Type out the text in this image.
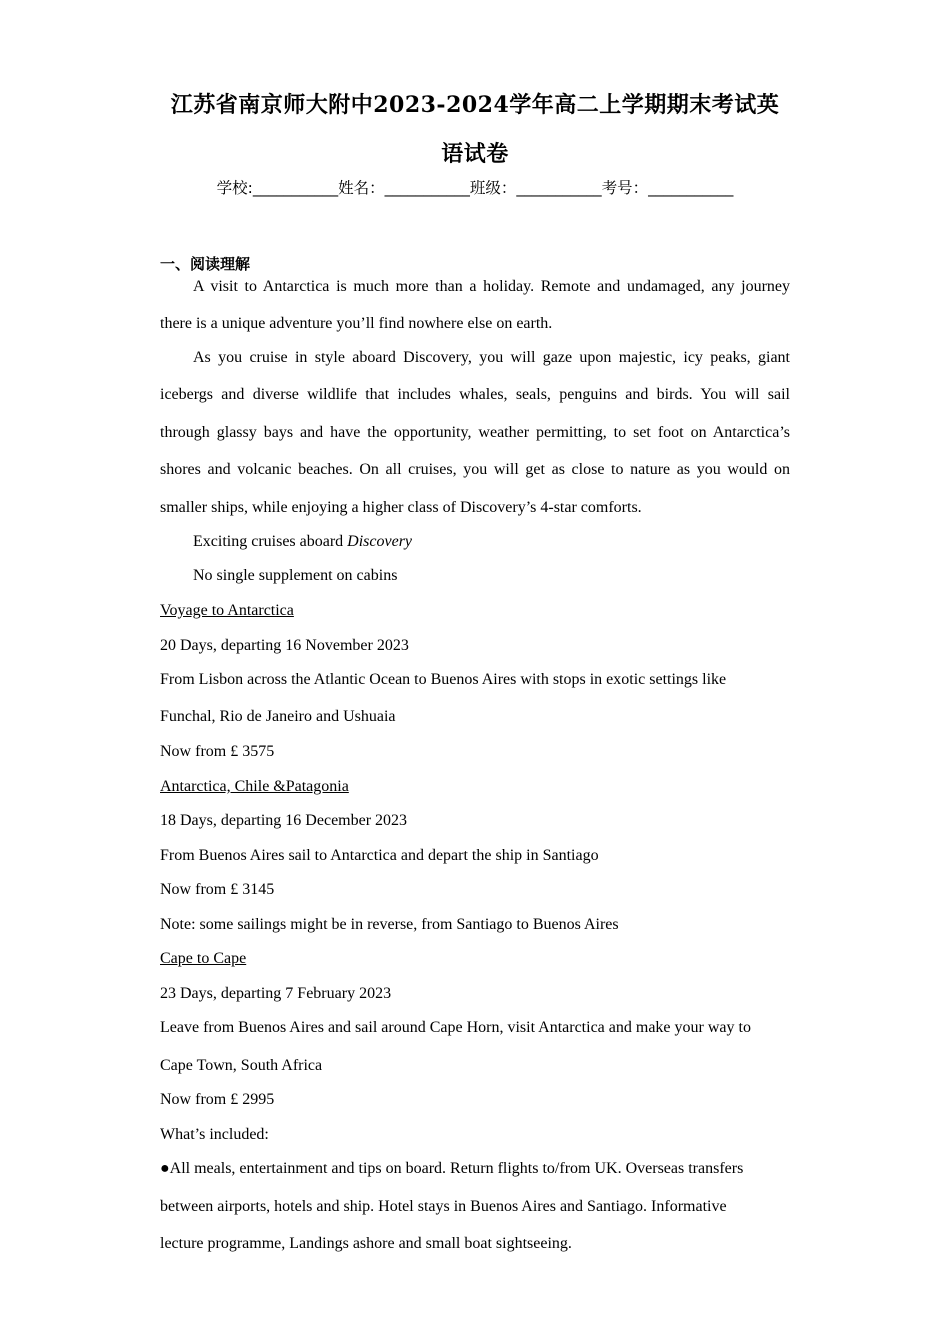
江苏省南京师大附中2023-2024学年高二上学期期末考试英
语试卷
学校:___________姓名：___________班级：___________考号：___________
一、阅读理解
A visit to Antarctica is much more than a holiday. Remote and undamaged, any journey
there is a unique adventure you’ll find nowhere else on earth.
As you cruise in style aboard Discovery, you will gaze upon majestic, icy peaks, giant
icebergs and diverse wildlife that includes whales, seals, penguins and birds. You will sail
through glassy bays and have the opportunity, weather permitting, to set foot on Antarctica’s
shores and volcanic beaches. On all cruises, you will get as close to nature as you would on
smaller ships, while enjoying a higher class of Discovery’s 4-star comforts.
Exciting cruises aboard Discovery
No single supplement on cabins
Voyage to Antarctica
20 Days, departing 16 November 2023
From Lisbon across the Atlantic Ocean to Buenos Aires with stops in exotic settings like
Funchal, Rio de Janeiro and Ushuaia
Now from £ 3575
Antarctica, Chile &Patagonia
18 Days, departing 16 December 2023
From Buenos Aires sail to Antarctica and depart the ship in Santiago
Now from £ 3145
Note: some sailings might be in reverse, from Santiago to Buenos Aires
Cape to Cape
23 Days, departing 7 February 2023
Leave from Buenos Aires and sail around Cape Horn, visit Antarctica and make your way to
Cape Town, South Africa
Now from £ 2995
What’s included:
●All meals, entertainment and tips on board. Return flights to/from UK. Overseas transfers
between airports, hotels and ship. Hotel stays in Buenos Aires and Santiago. Informative
lecture programme, Landings ashore and small boat sightseeing.
